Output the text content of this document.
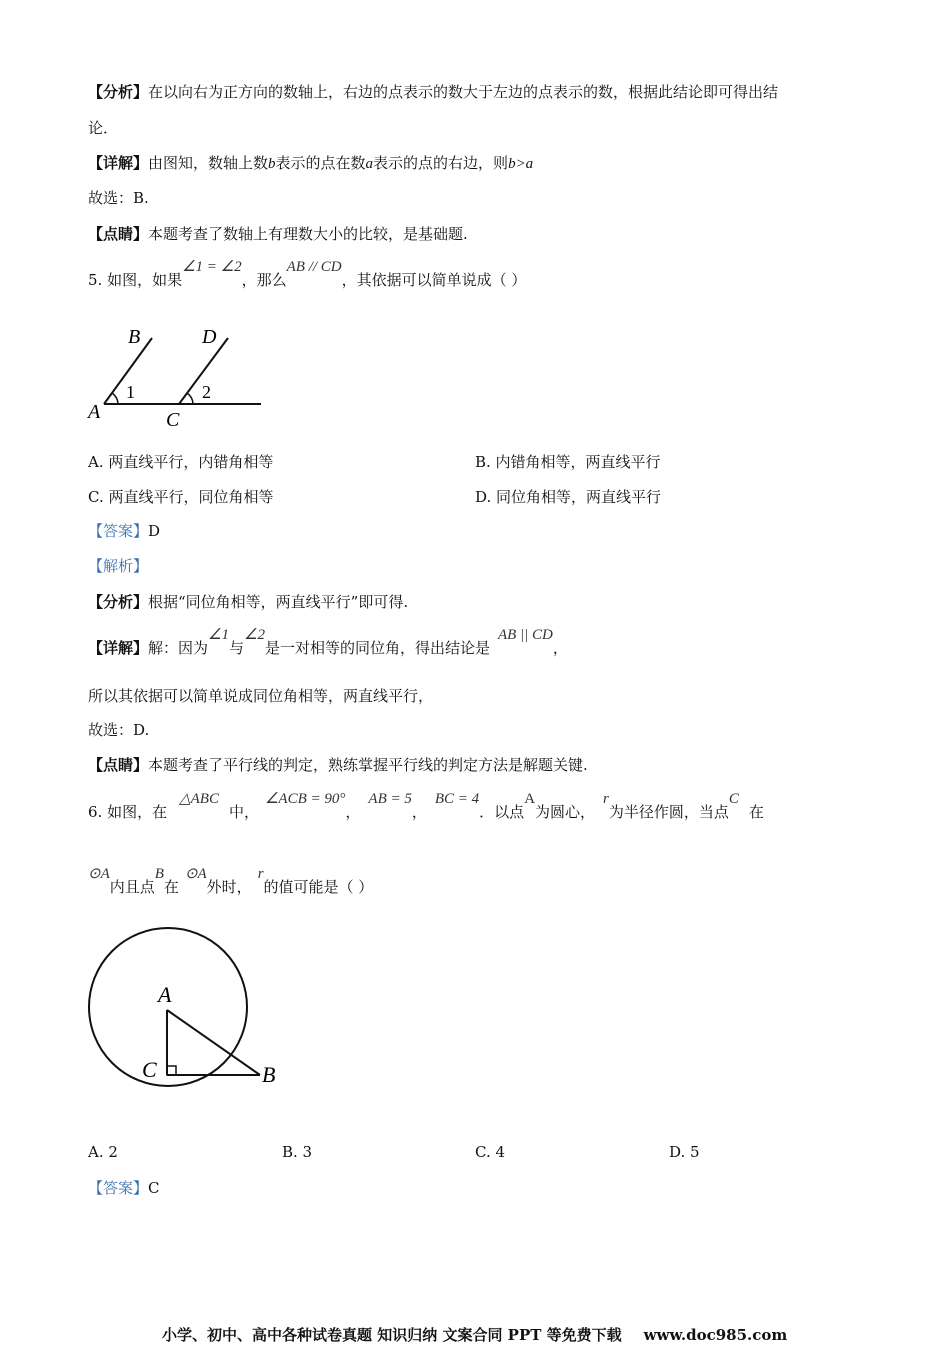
【分析】在以向右为正方向的数轴上，右边的点表示的数大于左边的点表示的数，根据此结论即可得出结
论．
【详解】由图知，数轴上数b表示的点在数a表示的点的右边，则b>a
故选：B.
【点睛】本题考查了数轴上有理数大小的比较，是基础题.
5. 如图，如果∠1 = ∠2，那么AB // CD，其依据可以简单说成（ ）
B	D
A	C
1	2
A. 两直线平行，内错角相等	B. 内错角相等，两直线平行
C. 两直线平行，同位角相等	D. 同位角相等，两直线平行
【答案】D
【解析】
【分析】根据“同位角相等，两直线平行”即可得.
【详解】解：因为∠1与∠2是一对相等的同位角，得出结论是AB || CD，
所以其依据可以简单说成同位角相等，两直线平行，
故选：D.
【点睛】本题考查了平行线的判定，熟练掌握平行线的判定方法是解题关键.
6. 如图，在△ABC中，∠ACB = 90°，AB = 5，BC = 4．以点A为圆心，r为半径作圆，当点C在
⊙A内且点B在⊙A外时，r的值可能是（ ）
A
C	B
A. 2	B. 3	C. 4	D. 5
【答案】C
小学、初中、高中各种试卷真题 知识归纳 文案合同 PPT 等免费下载 www.doc985.com
